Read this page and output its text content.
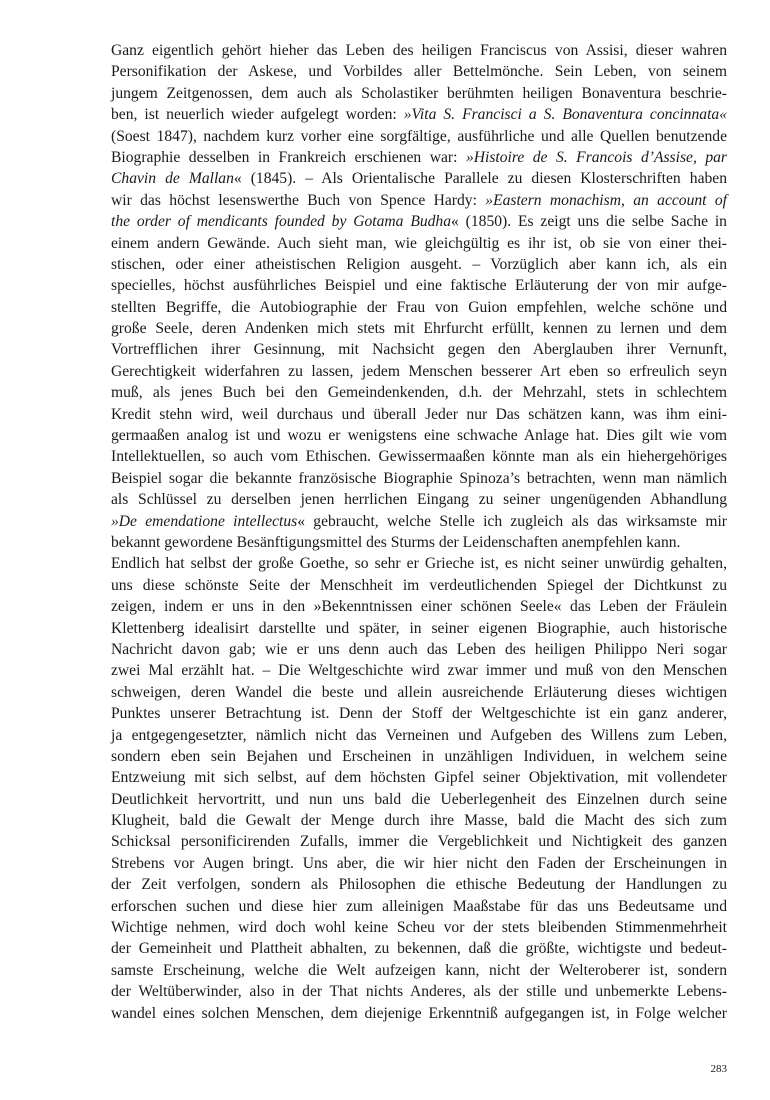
Ganz eigentlich gehört hieher das Leben des heiligen Franciscus von Assisi, dieser wahren
Personifikation der Askese, und Vorbildes aller Bettelmönche. Sein Leben, von seinem
jungem Zeitgenossen, dem auch als Scholastiker berühmten heiligen Bonaventura beschrie-
ben, ist neuerlich wieder aufgelegt worden: »Vita S. Francisci a S. Bonaventura concinnata«
(Soest 1847), nachdem kurz vorher eine sorgfältige, ausführliche und alle Quellen benutzende
Biographie desselben in Frankreich erschienen war: »Histoire de S. Francois d’Assise, par
Chavin de Mallan« (1845). – Als Orientalische Parallele zu diesen Klosterschriften haben
wir das höchst lesenswerthe Buch von Spence Hardy: »Eastern monachism, an account of
the order of mendicants founded by Gotama Budha« (1850). Es zeigt uns die selbe Sache in
einem andern Gewände. Auch sieht man, wie gleichgültig es ihr ist, ob sie von einer thei-
stischen, oder einer atheistischen Religion ausgeht. – Vorzüglich aber kann ich, als ein
specielles, höchst ausführliches Beispiel und eine faktische Erläuterung der von mir aufge-
stellten Begriffe, die Autobiographie der Frau von Guion empfehlen, welche schöne und
große Seele, deren Andenken mich stets mit Ehrfurcht erfüllt, kennen zu lernen und dem
Vortrefflichen ihrer Gesinnung, mit Nachsicht gegen den Aberglauben ihrer Vernunft,
Gerechtigkeit widerfahren zu lassen, jedem Menschen besserer Art eben so erfreulich seyn
muß, als jenes Buch bei den Gemeindenkenden, d.h. der Mehrzahl, stets in schlechtem
Kredit stehn wird, weil durchaus und überall Jeder nur Das schätzen kann, was ihm eini-
germaaßen analog ist und wozu er wenigstens eine schwache Anlage hat. Dies gilt wie vom
Intellektuellen, so auch vom Ethischen. Gewissermaaßen könnte man als ein hiehergehöriges
Beispiel sogar die bekannte französische Biographie Spinoza’s betrachten, wenn man nämlich
als Schlüssel zu derselben jenen herrlichen Eingang zu seiner ungenügenden Abhandlung
»De emendatione intellectus« gebraucht, welche Stelle ich zugleich als das wirksamste mir
bekannt gewordene Besänftigungsmittel des Sturms der Leidenschaften anempfehlen kann.
Endlich hat selbst der große Goethe, so sehr er Grieche ist, es nicht seiner unwürdig gehalten,
uns diese schönste Seite der Menschheit im verdeutlichenden Spiegel der Dichtkunst zu
zeigen, indem er uns in den »Bekenntnissen einer schönen Seele« das Leben der Fräulein
Klettenberg idealisirt darstellte und später, in seiner eigenen Biographie, auch historische
Nachricht davon gab; wie er uns denn auch das Leben des heiligen Philippo Neri sogar
zwei Mal erzählt hat. – Die Weltgeschichte wird zwar immer und muß von den Menschen
schweigen, deren Wandel die beste und allein ausreichende Erläuterung dieses wichtigen
Punktes unserer Betrachtung ist. Denn der Stoff der Weltgeschichte ist ein ganz anderer,
ja entgegengesetzter, nämlich nicht das Verneinen und Aufgeben des Willens zum Leben,
sondern eben sein Bejahen und Erscheinen in unzähligen Individuen, in welchem seine
Entzweiung mit sich selbst, auf dem höchsten Gipfel seiner Objektivation, mit vollendeter
Deutlichkeit hervortritt, und nun uns bald die Ueberlegenheit des Einzelnen durch seine
Klugheit, bald die Gewalt der Menge durch ihre Masse, bald die Macht des sich zum
Schicksal personificirenden Zufalls, immer die Vergeblichkeit und Nichtigkeit des ganzen
Strebens vor Augen bringt. Uns aber, die wir hier nicht den Faden der Erscheinungen in
der Zeit verfolgen, sondern als Philosophen die ethische Bedeutung der Handlungen zu
erforschen suchen und diese hier zum alleinigen Maaßstabe für das uns Bedeutsame und
Wichtige nehmen, wird doch wohl keine Scheu vor der stets bleibenden Stimmenmehrheit
der Gemeinheit und Plattheit abhalten, zu bekennen, daß die größte, wichtigste und bedeut-
samste Erscheinung, welche die Welt aufzeigen kann, nicht der Welteroberer ist, sondern
der Weltüberwinder, also in der That nichts Anderes, als der stille und unbemerkte Lebens-
wandel eines solchen Menschen, dem diejenige Erkenntniß aufgegangen ist, in Folge welcher
283
